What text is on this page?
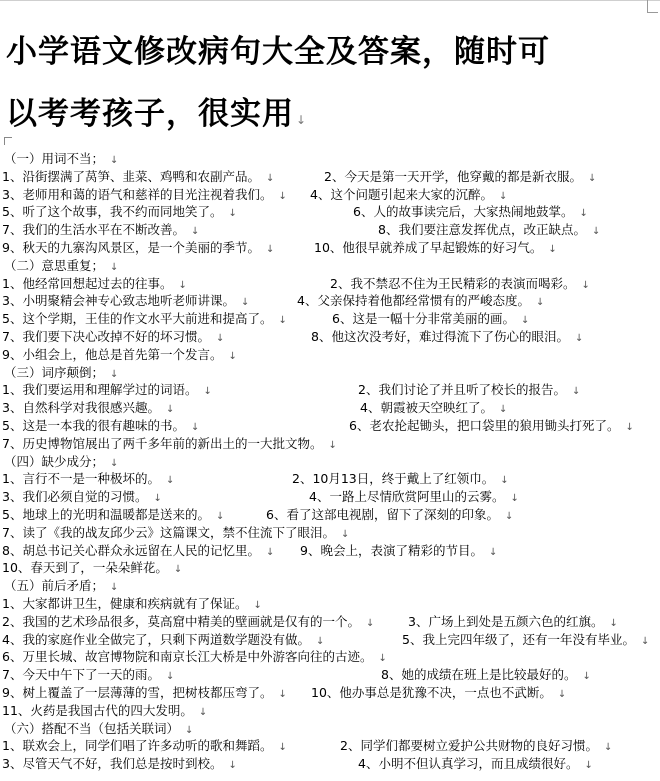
小学语文修改病句大全及答案，随时可
以考考孩子，很实用 ↓
（一）用词不当； ↓
1、沿街摆满了莴笋、韭菜、鸡鸭和农副产品。 ↓	2、今天是第一天开学，他穿戴的都是新衣服。 ↓
3、老师用和蔼的语气和慈祥的目光注视着我们。 ↓ 4、这个问题引起来大家的沉醉。 ↓
5、听了这个故事，我不约而同地笑了。 ↓	6、人的故事读完后，大家热闹地鼓掌。 ↓
7、我们的生活水平在不断改善。 ↓	8、我们要注意发挥优点，改正缺点。 ↓
9、秋天的九寨沟风景区，是一个美丽的季节。 ↓	10、他很早就养成了早起锻炼的好习气。 ↓
（二）意思重复； ↓
1、他经常回想起过去的往事。 ↓	2、我不禁忍不住为王民精彩的表演而喝彩。 ↓
3、小明聚精会神专心致志地听老师讲课。 ↓	4、父亲保持着他都经常惯有的严峻态度。 ↓
5、这个学期，王佳的作文水平大前进和提高了。 ↓	6、这是一幅十分非常美丽的画。 ↓
7、我们要下决心改掉不好的坏习惯。 ↓	8、他这次没考好，难过得流下了伤心的眼泪。 ↓
9、小组会上，他总是首先第一个发言。 ↓
（三）词序颠倒； ↓
1、我们要运用和理解学过的词语。 ↓	2、我们讨论了并且听了校长的报告。 ↓
3、自然科学对我很感兴趣。 ↓	4、朝霞被天空映红了。 ↓
5、这是一本我的很有趣味的书。 ↓	6、老农抡起锄头，把口袋里的狼用锄头打死了。 ↓
7、历史博物馆展出了两千多年前的新出土的一大批文物。 ↓
（四）缺少成分； ↓
1、言行不一是一种极坏的。 ↓	2、10月13日，终于戴上了红领巾。 ↓
3、我们必须自觉的习惯。 ↓	4、一路上尽情欣赏阿里山的云雾。 ↓
5、地球上的光明和温暖都是送来的。 ↓	6、看了这部电视剧，留下了深刻的印象。 ↓
7、读了《我的战友邱少云》这篇课文，禁不住流下了眼泪。 ↓
8、胡总书记关心群众永远留在人民的记忆里。 ↓ 9、晚会上，表演了精彩的节目。 ↓
10、春天到了，一朵朵鲜花。 ↓
（五）前后矛盾； ↓
1、大家都讲卫生，健康和疾病就有了保证。 ↓
2、我国的艺术珍品很多，莫高窟中精美的壁画就是仅有的一个。 ↓	3、广场上到处是五颜六色的红旗。 ↓
4、我的家庭作业全做完了，只剩下两道数学题没有做。 ↓	5、我上完四年级了，还有一年没有毕业。 ↓
6、万里长城、故宫博物院和南京长江大桥是中外游客向往的古迹。 ↓
7、今天中午下了一天的雨。 ↓	8、她的成绩在班上是比较最好的。 ↓
9、树上覆盖了一层薄薄的雪，把树枝都压弯了。 ↓ 10、他办事总是犹豫不决，一点也不武断。 ↓
11、火药是我国古代的四大发明。 ↓
（六）搭配不当（包括关联词） ↓
1、联欢会上，同学们唱了许多动听的歌和舞蹈。 ↓	2、同学们都要树立爱护公共财物的良好习惯。 ↓
3、尽管天气不好，我们总是按时到校。 ↓	4、小明不但认真学习，而且成绩很好。 ↓
